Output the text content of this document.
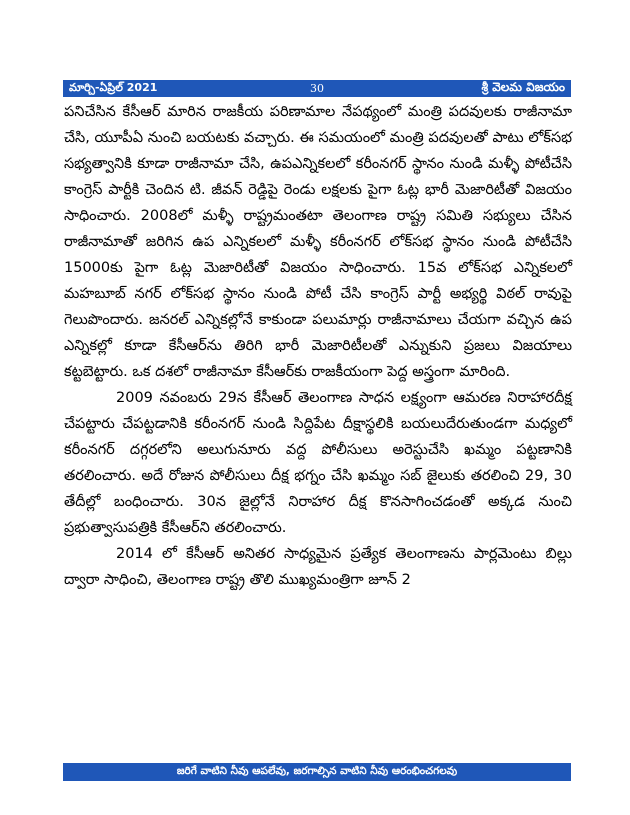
మార్చి-ఏప్రిల్ 2021	30	శ్రీ వెలమ విజయం

పనిచేసిన కేసీఆర్ మారిన రాజకీయ పరిణామాల నేపథ్యంలో మంత్రి పదవులకు రాజీనామా చేసి, యూపీఏ నుంచి బయటకు వచ్చారు. ఈ సమయంలో మంత్రి పదవులతో పాటు లోక్‌సభ సభ్యత్వానికి కూడా రాజీనామా చేసి, ఉపఎన్నికలలో కరీంనగర్ స్థానం నుండి మళ్ళీ పోటీచేసి కాంగ్రెస్ పార్టీకి చెందిన టి. జీవన్ రెడ్డిపై రెండు లక్షలకు పైగా ఓట్ల భారీ మెజారిటీతో విజయం సాధించారు. 2008లో మళ్ళీ రాష్ట్రమంతటా తెలంగాణ రాష్ట్ర సమితి సభ్యులు చేసిన రాజీనామాతో జరిగిన ఉప ఎన్నికలలో మళ్ళీ కరీంనగర్ లోక్‌సభ స్థానం నుండి పోటీచేసి 15000కు పైగా ఓట్ల మెజారిటీతో విజయం సాధించారు. 15వ లోక్‌సభ ఎన్నికలలో మహబూబ్ నగర్ లోక్‌సభ స్థానం నుండి పోటీ చేసి కాంగ్రెస్ పార్టీ అభ్యర్థి విఠల్ రావుపై గెలుపొందారు. జనరల్ ఎన్నికల్లోనే కాకుండా పలుమార్లు రాజీనామాలు చేయగా వచ్చిన ఉప ఎన్నికల్లో కూడా కేసీఆర్‌ను తిరిగి భారీ మెజారిటీలతో ఎన్నుకుని ప్రజలు విజయాలు కట్టబెట్టారు. ఒక దశలో రాజీనామా కేసీఆర్‌కు రాజకీయంగా పెద్ద అస్త్రంగా మారింది.

2009 నవంబరు 29న కేసీఆర్ తెలంగాణ సాధన లక్ష్యంగా ఆమరణ నిరాహారదీక్ష చేపట్టారు చేపట్టడానికి కరీంనగర్ నుండి సిద్దిపేట దీక్షాస్థలికి బయలుదేరుతుండగా మధ్యలో కరీంనగర్ దగ్గరలోని అలుగునూరు వద్ద పోలీసులు అరెస్టుచేసి ఖమ్మం పట్టణానికి తరలించారు. అదే రోజున పోలీసులు దీక్ష భగ్నం చేసి ఖమ్మం సబ్ జైలుకు తరలించి 29, 30 తేదీల్లో బంధించారు. 30న జైల్లోనే నిరాహార దీక్ష కొనసాగించడంతో అక్కడ నుంచి ప్రభుత్వాసుపత్రికి కేసీఆర్‌ని తరలించారు.

2014 లో కేసీఆర్ అనితర సాధ్యమైన ప్రత్యేక తెలంగాణను పార్లమెంటు బిల్లు ద్వారా సాధించి, తెలంగాణ రాష్ట్ర తొలి ముఖ్యమంత్రిగా జూన్ 2

జరిగే వాటిని నీవు ఆపలేవు, జరగాల్సిన వాటిని నీవు ఆరంభించగలవు
